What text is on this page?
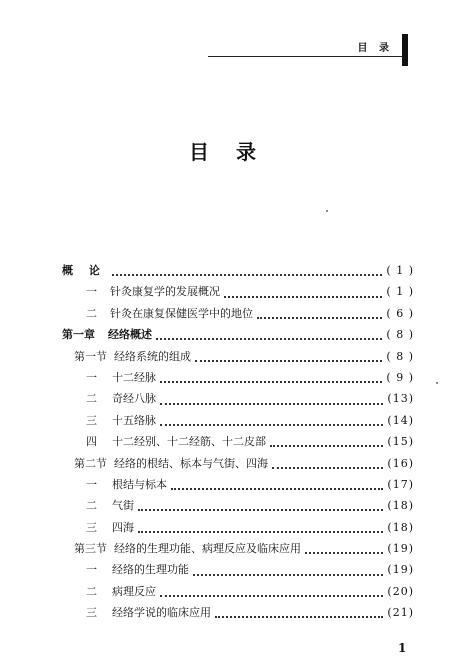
目 录
目 录
概 论	( 1 )
一	针灸康复学的发展概况	( 1 )
二	针灸在康复保健医学中的地位	( 6 )
第一章	经络概述	( 8 )
第一节 经络系统的组成	( 8 )
一	十二经脉	( 9 )
二	奇经八脉	(13)
三	十五络脉	(14)
四	十二经别、十二经筋、十二皮部	(15)
第二节 经络的根结、标本与气街、四海	(16)
一	根结与标本	(17)
二	气街	(18)
三	四海	(18)
第三节 经络的生理功能、病理反应及临床应用	(19)
一	经络的生理功能	(19)
二	病理反应	(20)
三	经络学说的临床应用	(21)
1
